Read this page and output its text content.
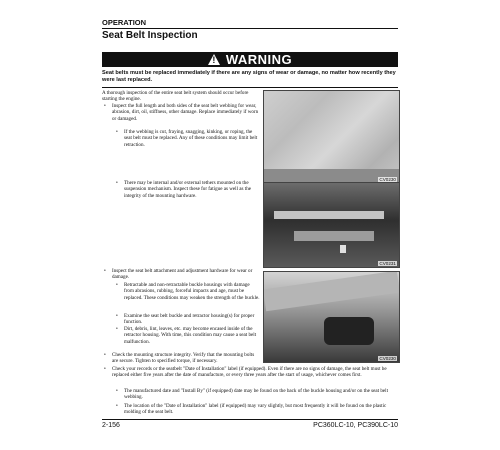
OPERATION
Seat Belt Inspection
! WARNING
Seat belts must be replaced immediately if there are any signs of wear or damage, no matter how recently they were last replaced.
A thorough inspection of the entire seat belt system should occur before starting the engine.
• Inspect the full length and both sides of the seat belt webbing for wear, abrasion, dirt, oil, stiffness, other damage. Replace immediately if worn or damaged.
• If the webbing is cut, fraying, snagging, kinking, or roping, the seat belt must be replaced. Any of these conditions may limit belt retraction.
• There may be internal and/or external tethers mounted on the suspension mechanism. Inspect these for fatigue as well as the integrity of the mounting hardware.
CV0230
CV0231
• Inspect the seat belt attachment and adjustment hardware for wear or damage.
• Retractable and non-retractable buckle housings with damage from abrasions, rubbing, forceful impacts and age, must be replaced. These conditions may weaken the strength of the buckle.
• Examine the seat belt buckle and retractor housing(s) for proper function.
• Dirt, debris, lint, leaves, etc. may become encased inside of the retractor housing. With time, this condition may cause a seat belt malfunction.
• Check the mounting structure integrity. Verify that the mounting bolts are secure. Tighten to specified torque, if necessary.	CV0230
• Check your records or the seatbelt "Date of Installation" label (if equipped). Even if there are no signs of damage, the seat belt must be replaced either five years after the date of manufacture, or every three years after the start of usage, whichever comes first.
• The manufactured date and "Install By" (if equipped) date may be found on the back of the buckle housing and/or on the seat belt webbing.
• The location of the "Date of Installation" label (if equipped) may vary slightly, but most frequently it will be found on the plastic molding of the seat belt.
2-156	PC360LC-10, PC390LC-10
